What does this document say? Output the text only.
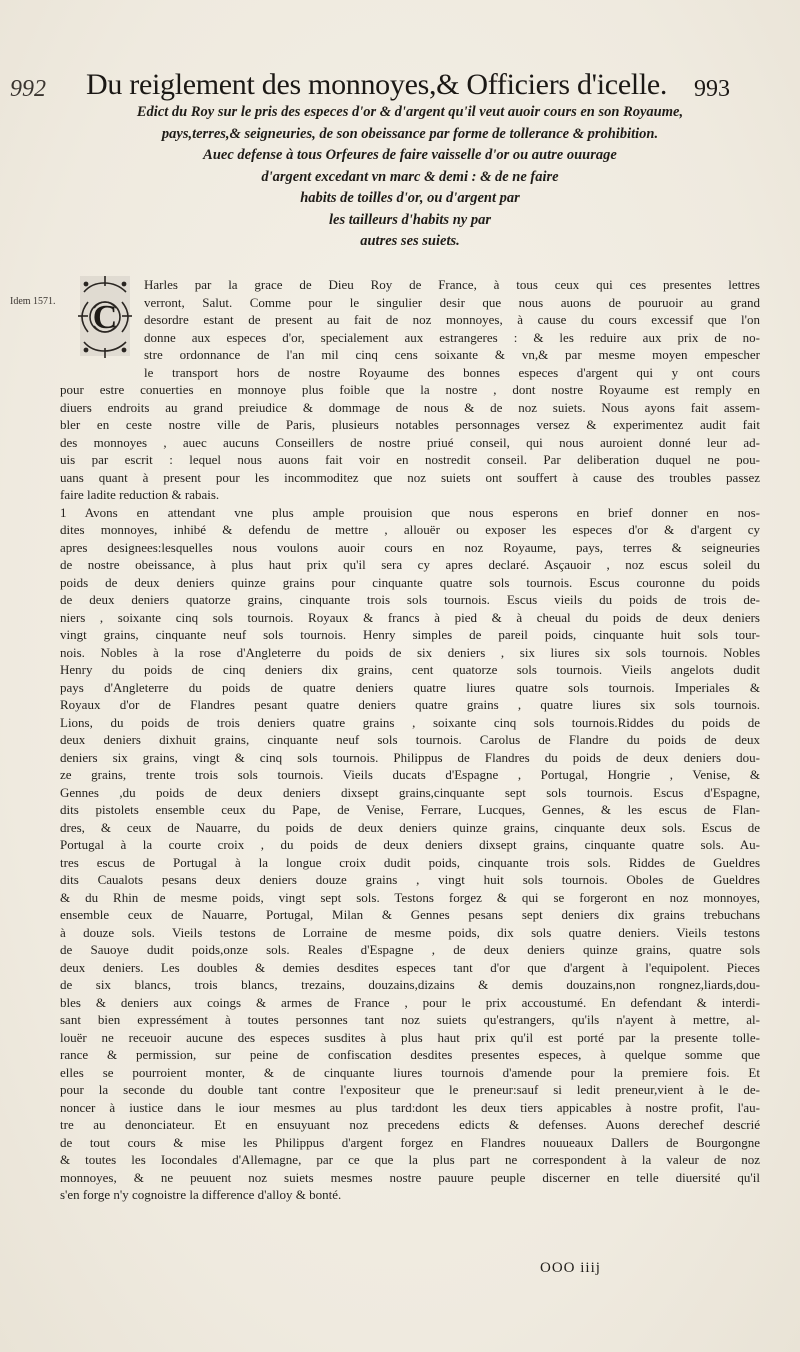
992 Du reiglement des monnoyes,& Officiers d'icelle. 993
Edict du Roy sur le pris des especes d'or & d'argent qu'il veut auoir cours en son Royaume,
pays,terres,& seigneuries, de son obeissance par forme de tollerance & prohibition.
Auec defense à tous Orfeures de faire vaisselle d'or ou autre ouurage
d'argent excedant vn marc & demi : & de ne faire
habits de toilles d'or, ou d'argent par
les tailleurs d'habits ny par
autres ses suiets.
Idem 1571. C
Harles par la grace de Dieu Roy de France, à tous ceux qui ces presentes lettres
verront, Salut. Comme pour le singulier desir que nous auons de pouruoir au grand
desordre estant de present au fait de noz monnoyes, à cause du cours excessif que l'on
donne aux especes d'or, specialement aux estrangeres : & les reduire aux prix de no-
stre ordonnance de l'an mil cinq cens soixante & vn,& par mesme moyen empescher
le transport hors de nostre Royaume des bonnes especes d'argent qui y ont cours
pour estre conuerties en monnoye plus foible que la nostre , dont nostre Royaume est remply en
diuers endroits au grand preiudice & dommage de nous & de noz suiets. Nous ayons fait assem-
bler en ceste nostre ville de Paris, plusieurs notables personnages versez & experimentez audit fait
des monnoyes , auec aucuns Conseillers de nostre priué conseil, qui nous auroient donné leur ad-
uis par escrit : lequel nous auons fait voir en nostredit conseil. Par deliberation duquel ne pou-
uans quant à present pour les incommoditez que noz suiets ont souffert à cause des troubles passez
faire ladite reduction & rabais.
1 Avons en attendant vne plus ample prouision que nous esperons en brief donner en nos-
dites monnoyes, inhibé & defendu de mettre , allouër ou exposer les especes d'or & d'argent cy
apres designees:lesquelles nous voulons auoir cours en noz Royaume, pays, terres & seigneuries
de nostre obeissance, à plus haut prix qu'il sera cy apres declaré. Asçauoir , noz escus soleil du
poids de deux deniers quinze grains pour cinquante quatre sols tournois. Escus couronne du poids
de deux deniers quatorze grains, cinquante trois sols tournois. Escus vieils du poids de trois de-
niers , soixante cinq sols tournois. Royaux & francs à pied & à cheual du poids de deux deniers
vingt grains, cinquante neuf sols tournois. Henry simples de pareil poids, cinquante huit sols tour-
nois. Nobles à la rose d'Angleterre du poids de six deniers , six liures six sols tournois. Nobles
Henry du poids de cinq deniers dix grains, cent quatorze sols tournois. Vieils angelots dudit
pays d'Angleterre du poids de quatre deniers quatre liures quatre sols tournois. Imperiales &
Royaux d'or de Flandres pesant quatre deniers quatre grains , quatre liures six sols tournois.
Lions, du poids de trois deniers quatre grains , soixante cinq sols tournois.Riddes du poids de
deux deniers dixhuit grains, cinquante neuf sols tournois. Carolus de Flandre du poids de deux
deniers six grains, vingt & cinq sols tournois. Philippus de Flandres du poids de deux deniers dou-
ze grains, trente trois sols tournois. Vieils ducats d'Espagne , Portugal, Hongrie , Venise, &
Gennes ,du poids de deux deniers dixsept grains,cinquante sept sols tournois. Escus d'Espagne,
dits pistolets ensemble ceux du Pape, de Venise, Ferrare, Lucques, Gennes, & les escus de Flan-
dres, & ceux de Nauarre, du poids de deux deniers quinze grains, cinquante deux sols. Escus de
Portugal à la courte croix , du poids de deux deniers dixsept grains, cinquante quatre sols. Au-
tres escus de Portugal à la longue croix dudit poids, cinquante trois sols. Riddes de Gueldres
dits Caualots pesans deux deniers douze grains , vingt huit sols tournois. Oboles de Gueldres
& du Rhin de mesme poids, vingt sept sols. Testons forgez & qui se forgeront en noz monnoyes,
ensemble ceux de Nauarre, Portugal, Milan & Gennes pesans sept deniers dix grains trebuchans
à douze sols. Vieils testons de Lorraine de mesme poids, dix sols quatre deniers. Vieils testons
de Sauoye dudit poids,onze sols. Reales d'Espagne , de deux deniers quinze grains, quatre sols
deux deniers. Les doubles & demies desdites especes tant d'or que d'argent à l'equipolent. Pieces
de six blancs, trois blancs, trezains, douzains,dizains & demis douzains,non rongnez,liards,dou-
bles & deniers aux coings & armes de France , pour le prix accoustumé. En defendant & interdi-
sant bien expressément à toutes personnes tant noz suiets qu'estrangers, qu'ils n'ayent à mettre, al-
louër ne receuoir aucune des especes susdites à plus haut prix qu'il est porté par la presente tolle-
rance & permission, sur peine de confiscation desdites presentes especes, à quelque somme que
elles se pourroient monter, & de cinquante liures tournois d'amende pour la premiere fois. Et
pour la seconde du double tant contre l'expositeur que le preneur:sauf si ledit preneur,vient à le de-
noncer à iustice dans le iour mesmes au plus tard:dont les deux tiers appicables à nostre profit, l'au-
tre au denonciateur. Et en ensuyuant noz precedens edicts & defenses. Auons derechef descrié
de tout cours & mise les Philippus d'argent forgez en Flandres nouueaux Dallers de Bourgongne
& toutes les Iocondales d'Allemagne, par ce que la plus part ne correspondent à la valeur de noz
monnoyes, & ne peuuent noz suiets mesmes nostre pauure peuple discerner en telle diuersité qu'il
s'en forge n'y cognoistre la difference d'alloy & bonté.
OOO iiij
